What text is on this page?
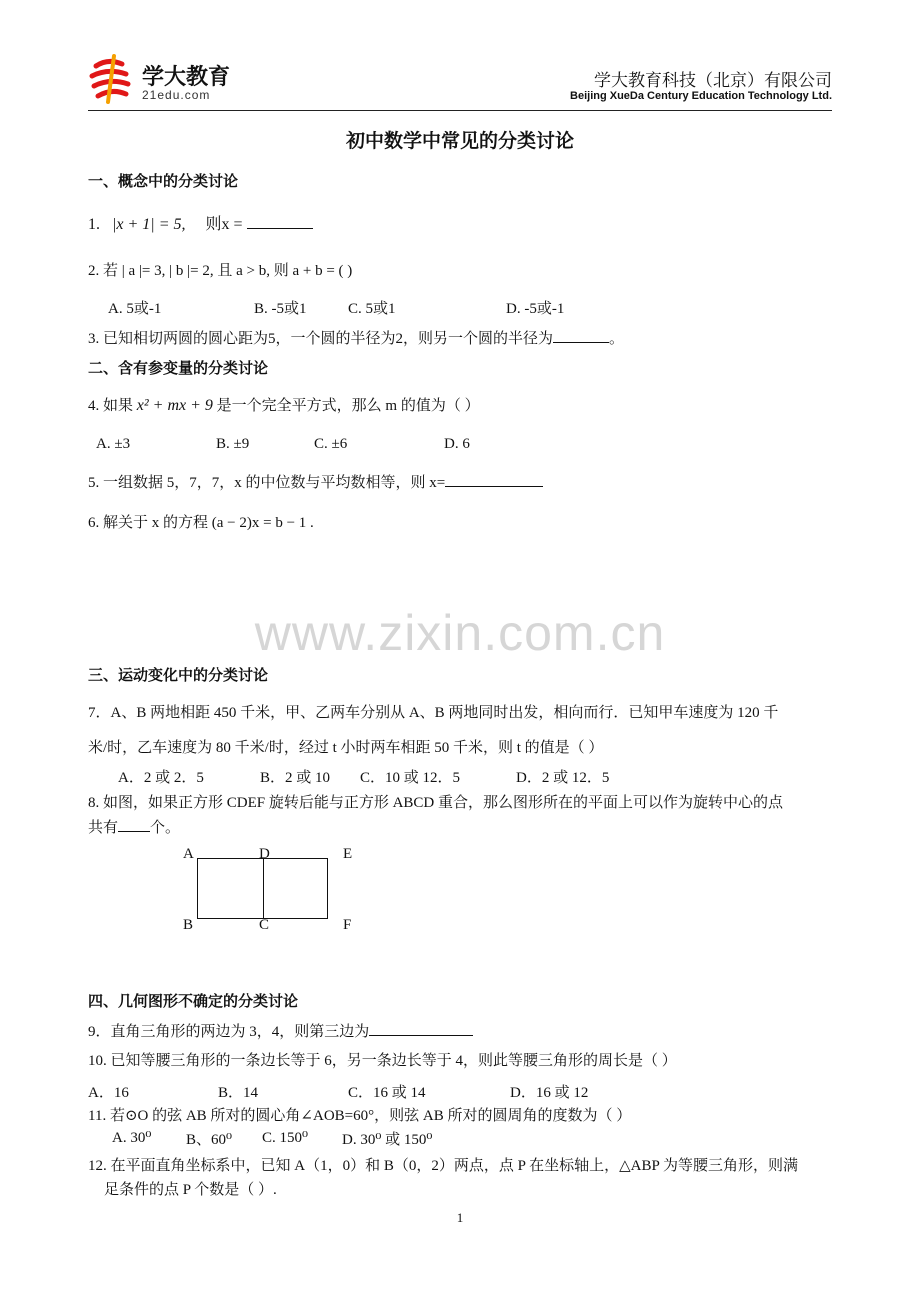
学大教育
21edu.com
学大教育科技（北京）有限公司
Beijing XueDa Century Education Technology Ltd.
初中数学中常见的分类讨论
一、概念中的分类讨论
1. |x + 1| = 5, 则x =
2. 若 | a |= 3, | b |= 2, 且 a > b, 则 a + b = ( )
A. 5或-1	B. -5或1	C. 5或1	D. -5或-1
3. 已知相切两圆的圆心距为5，一个圆的半径为2，则另一个圆的半径为	。
二、含有参变量的分类讨论
4. 如果 x² + mx + 9 是一个完全平方式，那么 m 的值为（ ）
A. ±3	B. ±9	C. ±6	D. 6
5. 一组数据 5，7，7，x 的中位数与平均数相等，则 x=
6. 解关于 x 的方程 (a − 2)x = b − 1 .
www.zixin.com.cn
三、运动变化中的分类讨论
7．A、B 两地相距 450 千米，甲、乙两车分别从 A、B 两地同时出发，相向而行．已知甲车速度为 120 千
米/时，乙车速度为 80 千米/时，经过 t 小时两车相距 50 千米，则 t 的值是（ ）
A．2 或 2．5	B．2 或 10 C．10 或 12．5	D．2 或 12．5
8. 如图，如果正方形 CDEF 旋转后能与正方形 ABCD 重合，那么图形所在的平面上可以作为旋转中心的点
共有 个。
A	D	E
B	C	F
四、几何图形不确定的分类讨论
9．直角三角形的两边为 3，4，则第三边为
10. 已知等腰三角形的一条边长等于 6，另一条边长等于 4，则此等腰三角形的周长是（ ）
A．16	B．14	C．16 或 14	D．16 或 12
11. 若⊙O 的弦 AB 所对的圆心角∠AOB=60°，则弦 AB 所对的圆周角的度数为（ ）
A. 30⁰ B、60⁰ C. 150⁰ D. 30⁰ 或 150⁰
12. 在平面直角坐标系中，已知 A（1，0）和 B（0，2）两点，点 P 在坐标轴上，△ABP 为等腰三角形，则满
足条件的点 P 个数是（ ）.
1
